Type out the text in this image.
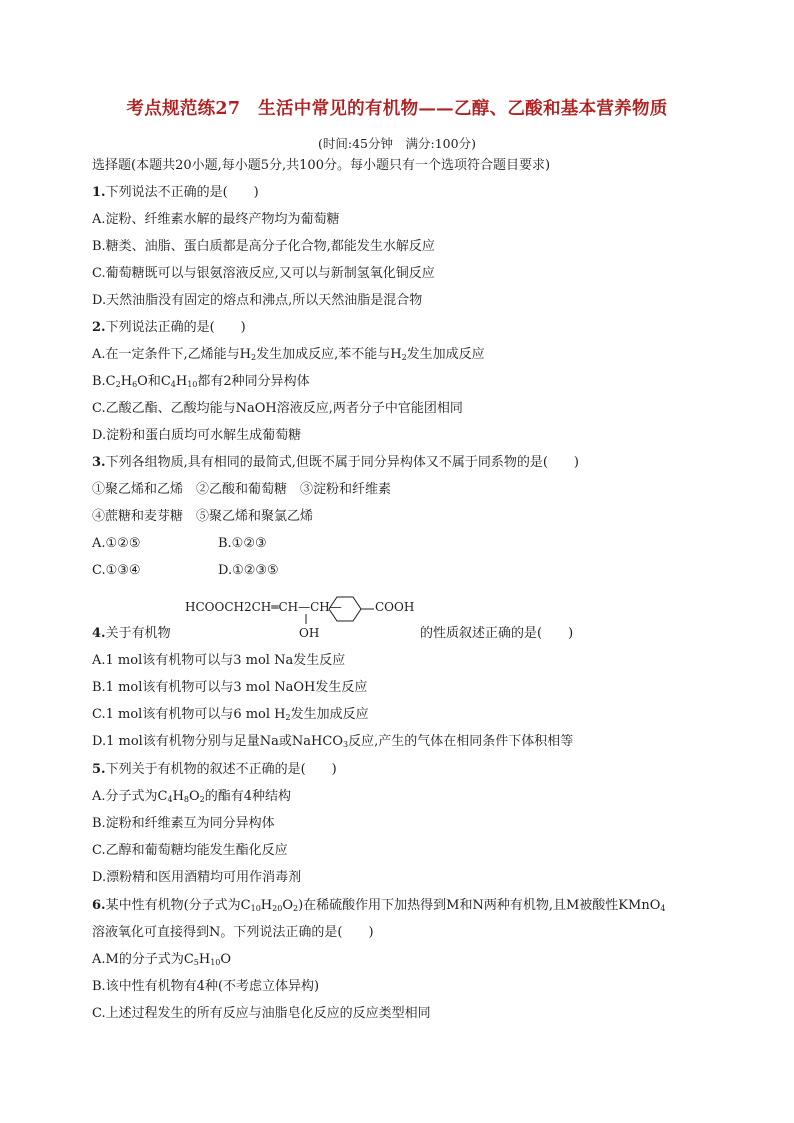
考点规范练27　生活中常见的有机物——乙醇、乙酸和基本营养物质
(时间:45分钟　满分:100分)
选择题(本题共20小题,每小题5分,共100分。每小题只有一个选项符合题目要求)
1.下列说法不正确的是(　　)
A.淀粉、纤维素水解的最终产物均为葡萄糖
B.糖类、油脂、蛋白质都是高分子化合物,都能发生水解反应
C.葡萄糖既可以与银氨溶液反应,又可以与新制氢氧化铜反应
D.天然油脂没有固定的熔点和沸点,所以天然油脂是混合物
2.下列说法正确的是(　　)
A.在一定条件下,乙烯能与$H_2$发生加成反应,苯不能与$H_2$发生加成反应
$B.C_2H_6O$和$C_4H_{10}$都有2种同分异构体
C.乙酸乙酯、乙酸均能与NaOH溶液反应,两者分子中官能团相同
D.淀粉和蛋白质均可水解生成葡萄糖
3.下列各组物质,具有相同的最简式,但既不属于同分异构体又不属于同系物的是(　　)
①聚乙烯和乙烯　②乙酸和葡萄糖　③淀粉和纤维素
④蔗糖和麦芽糖　⑤聚乙烯和聚氯乙烯
A.①②⑤	B.①②③
C.①③④	D.①②③⑤
HCOOCH2CH═CH—CH—	COOH
OH
4.关于有机物	的性质叙述正确的是(　　)
A.1 mol该有机物可以与3 mol Na发生反应
B.1 mol该有机物可以与3 mol NaOH发生反应
C.1 mol该有机物可以与6 mol $H_2$发生加成反应
D.1 mol该有机物分别与足量Na或NaHCO$_3$反应,产生的气体在相同条件下体积相等
5.下列关于有机物的叙述不正确的是(　　)
A.分子式为$C_4H_8O_2$的酯有4种结构
B.淀粉和纤维素互为同分异构体
C.乙醇和葡萄糖均能发生酯化反应
D.漂粉精和医用酒精均可用作消毒剂
6.某中性有机物(分子式为$C_{10}H_{20}O_2$)在稀硫酸作用下加热得到M和N两种有机物,且M被酸性KMnO$_4$
溶液氧化可直接得到N。下列说法正确的是(　　)
A.M的分子式为$C_5H_{10}O$
B.该中性有机物有4种(不考虑立体异构)
C.上述过程发生的所有反应与油脂皂化反应的反应类型相同
